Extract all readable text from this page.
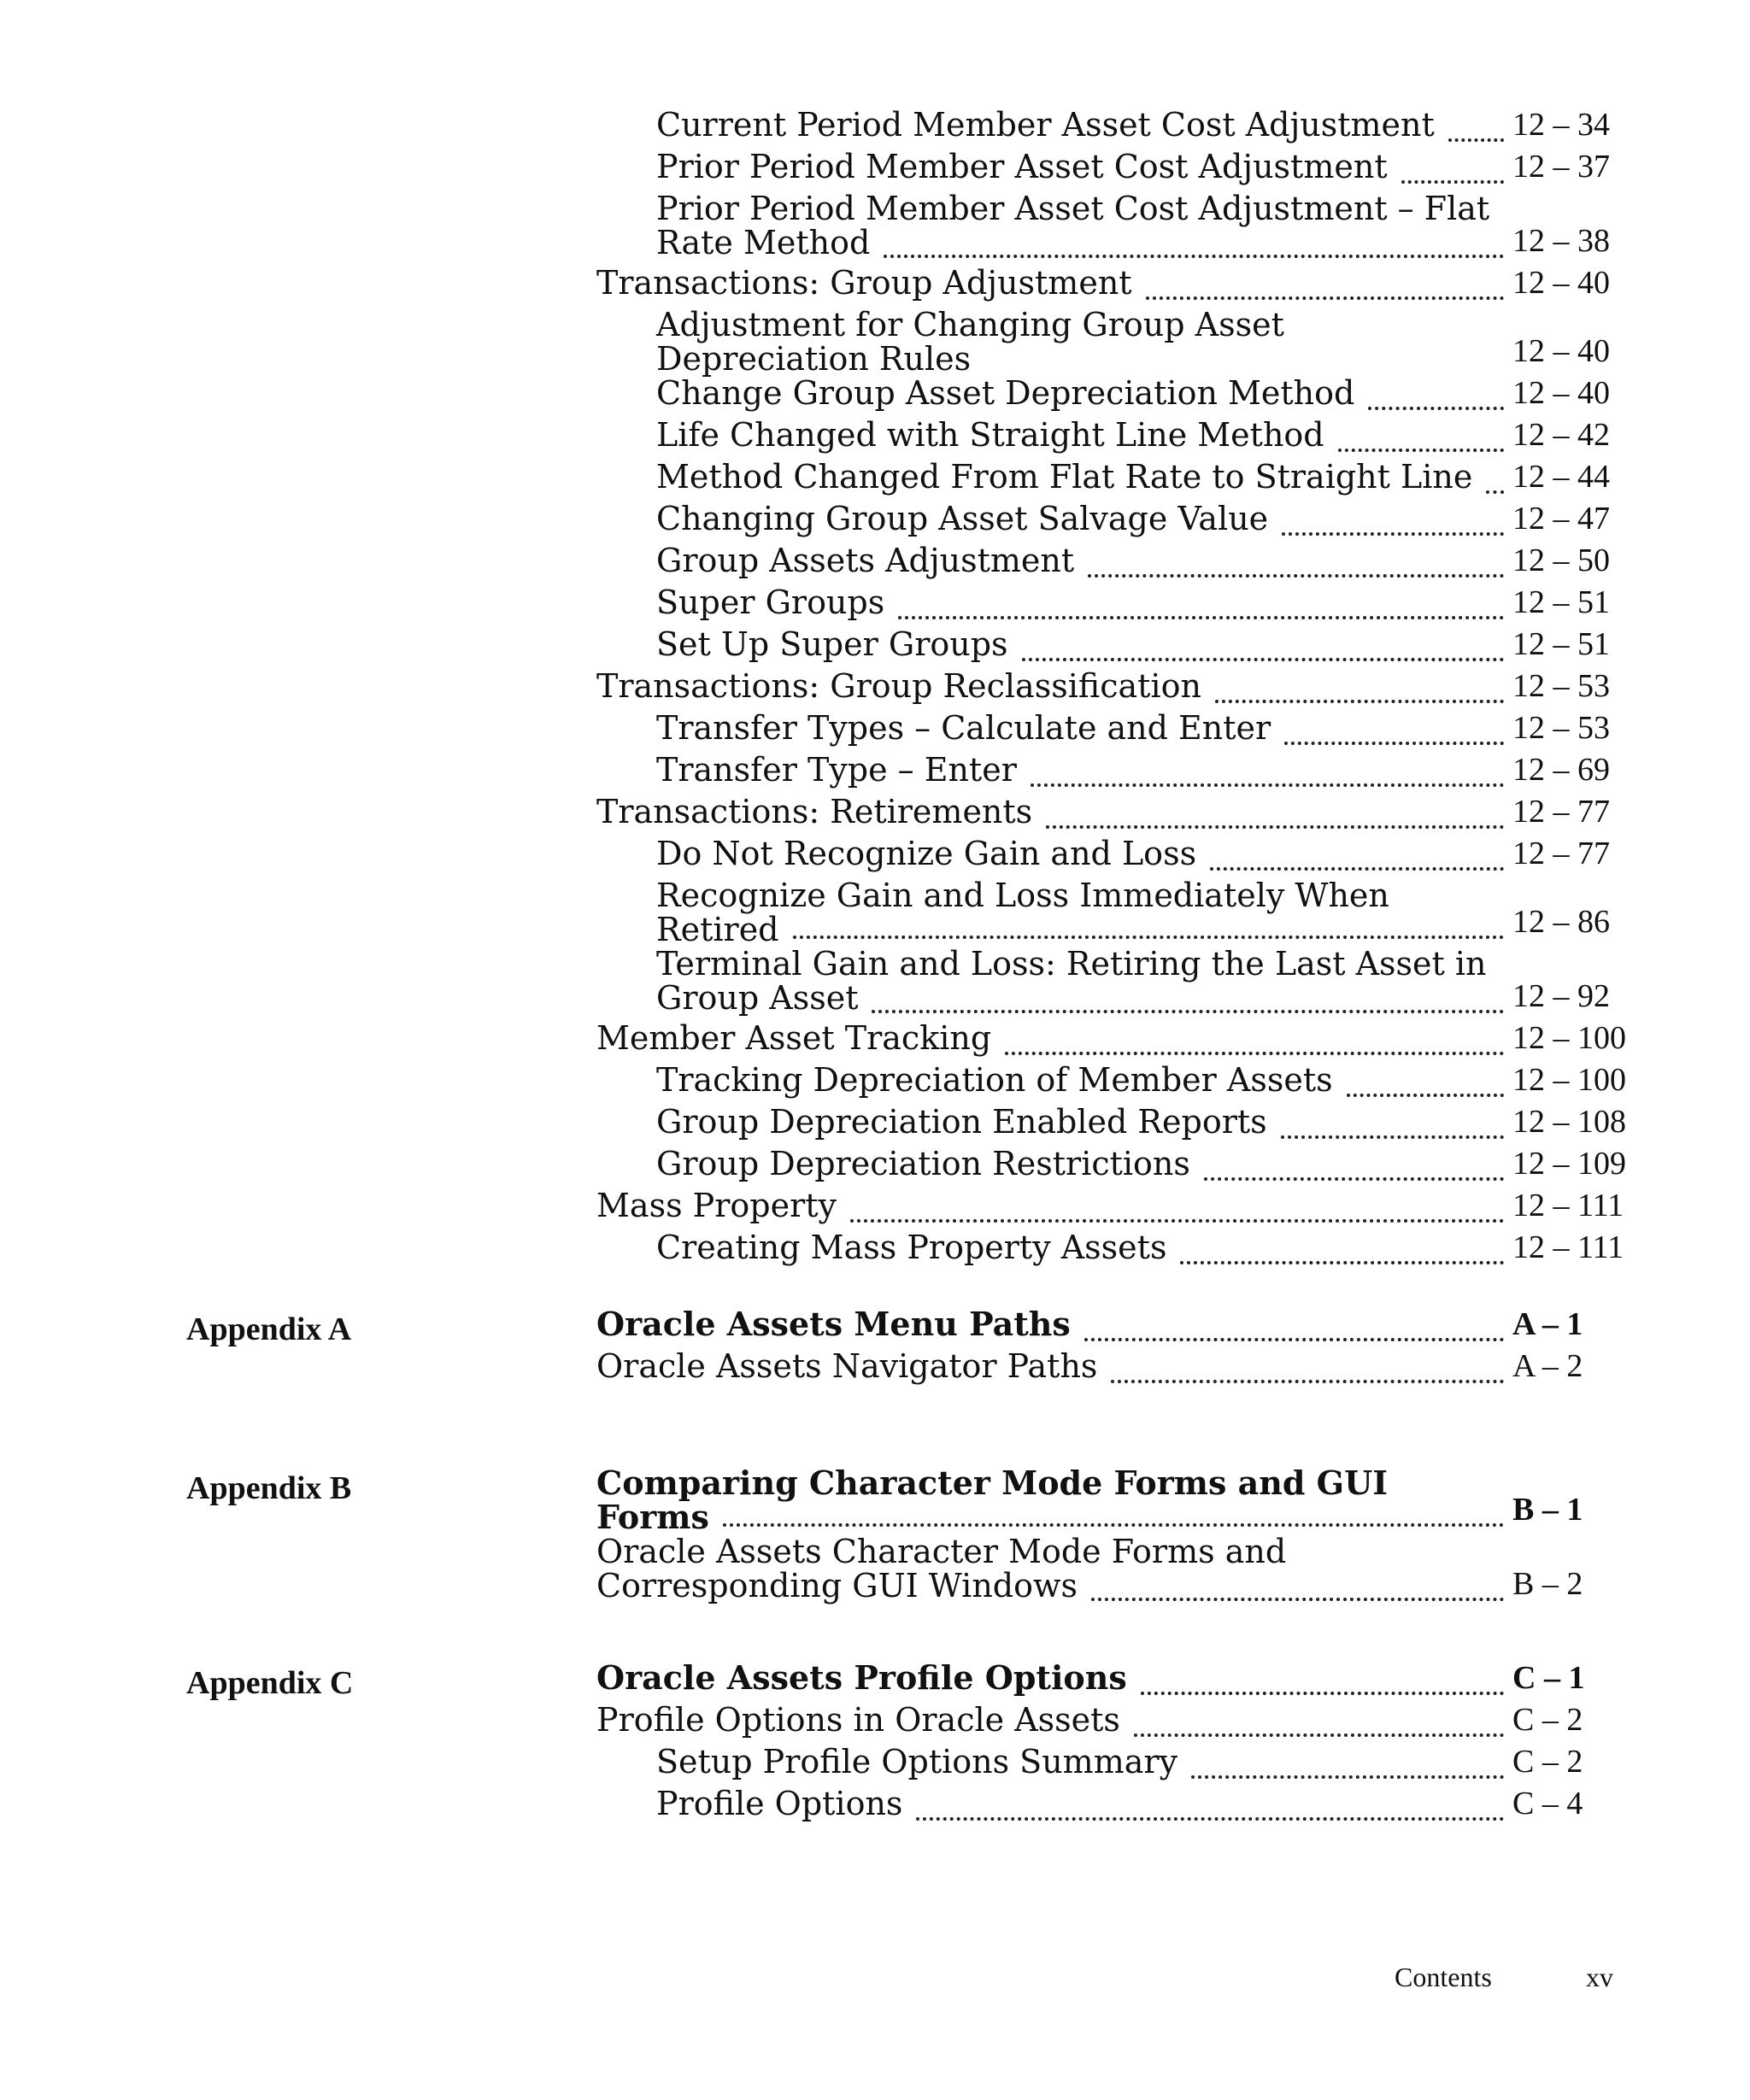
Current Period Member Asset Cost Adjustment	12 – 34
Prior Period Member Asset Cost Adjustment	12 – 37
Prior Period Member Asset Cost Adjustment – Flat Rate Method	12 – 38
Transactions: Group Adjustment	12 – 40
Adjustment for Changing Group Asset Depreciation Rules	12 – 40
Change Group Asset Depreciation Method	12 – 40
Life Changed with Straight Line Method	12 – 42
Method Changed From Flat Rate to Straight Line	12 – 44
Changing Group Asset Salvage Value	12 – 47
Group Assets Adjustment	12 – 50
Super Groups	12 – 51
Set Up Super Groups	12 – 51
Transactions: Group Reclassification	12 – 53
Transfer Types – Calculate and Enter	12 – 53
Transfer Type – Enter	12 – 69
Transactions: Retirements	12 – 77
Do Not Recognize Gain and Loss	12 – 77
Recognize Gain and Loss Immediately When Retired	12 – 86
Terminal Gain and Loss: Retiring the Last Asset in Group Asset	12 – 92
Member Asset Tracking	12 – 100
Tracking Depreciation of Member Assets	12 – 100
Group Depreciation Enabled Reports	12 – 108
Group Depreciation Restrictions	12 – 109
Mass Property	12 – 111
Creating Mass Property Assets	12 – 111
Appendix A	Oracle Assets Menu Paths	A – 1
Oracle Assets Navigator Paths	A – 2
Appendix B	Comparing Character Mode Forms and GUI Forms	B – 1
Oracle Assets Character Mode Forms and Corresponding GUI Windows	B – 2
Appendix C	Oracle Assets Profile Options	C – 1
Profile Options in Oracle Assets	C – 2
Setup Profile Options Summary	C – 2
Profile Options	C – 4
Contents	xv
